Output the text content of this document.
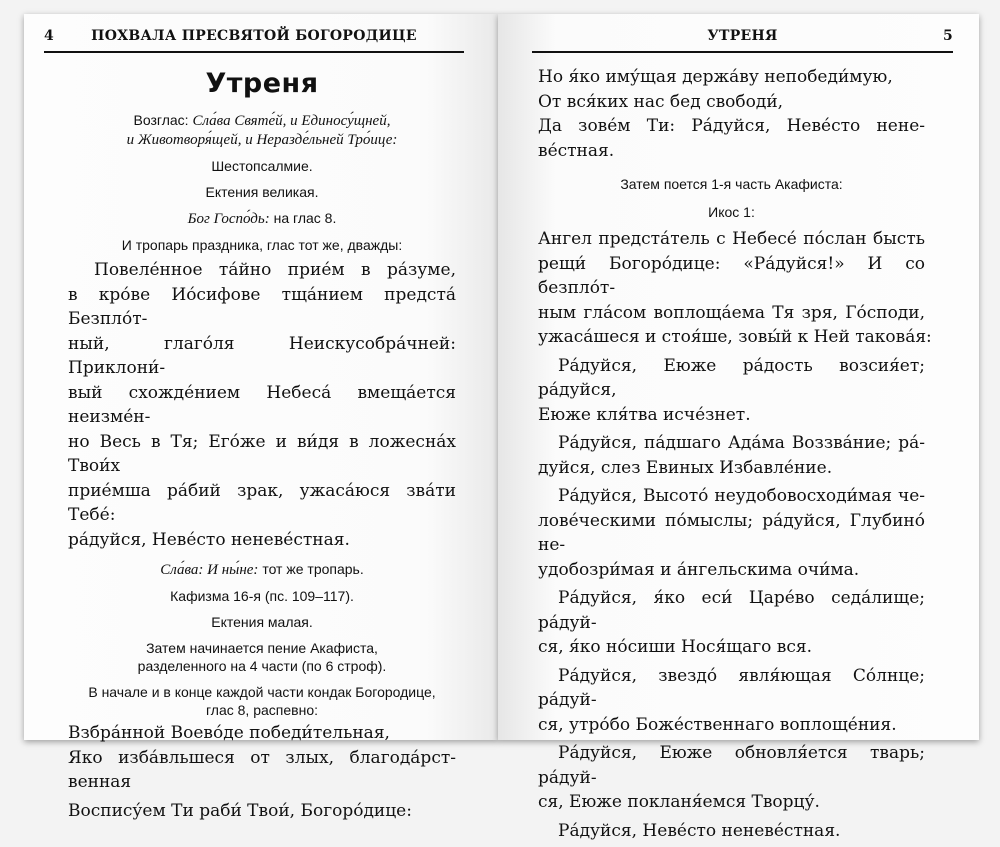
4	ПОХВАЛА ПРЕСВЯТОЙ БОГОРОДИЦЕ
Утреня

Возглас: Сла́ва Святе́й, и Единосу́щней,
и Животворя́щей, и Неразде́льней Тро́ице:

Шестопсалмие.

Ектения великая.

Бог Госпо́дь: на глас 8.

И тропарь праздника, глас тот же, дважды:

Повеле́нное та́йно прие́м в ра́зуме,
в кро́ве Ио́сифове тща́нием предста́ Безпло́т-
ный, глаго́ля Неискусобра́чней: Приклони́-
вый схожде́нием Небеса́ вмеща́ется неизме́н-
но Весь в Тя; Его́же и ви́дя в ложесна́х Твои́х
прие́мша ра́бий зрак, ужаса́юся зва́ти Тебе́:
ра́дуйся, Неве́сто неневе́стная.

Сла́ва: И ны́не: тот же тропарь.

Кафизма 16-я (пс. 109–117).

Ектения малая.

Затем начинается пение Акафиста,
разделенного на 4 части (по 6 строф).

В начале и в конце каждой части кондак Богородице,
глас 8, распевно:

Взбра́нной Воево́де победи́тельная,
Яко изба́вльшеся от злых, благода́рст-
венная
Воспису́ем Ти раби́ Твои́, Богоро́дице:
УТРЕНЯ	5
Но я́ко иму́щая держа́ву непобеди́мую,
От вся́ких нас бед свободи́,
Да зове́м Ти: Ра́дуйся, Неве́сто нене-
ве́стная.

Затем поется 1-я часть Акафиста:

Икос 1:

Ангел предста́тель с Небесе́ по́слан бысть
рещи́ Богоро́дице: «Ра́дуйся!» И со безпло́т-
ным гла́сом воплоща́ема Тя зря, Го́споди,
ужаса́шеся и стоя́ше, зовы́й к Ней такова́я:
Ра́дуйся, Еюже ра́дость возсия́ет; ра́дуйся,
Еюже кля́тва исче́знет.
Ра́дуйся, па́дшаго Ада́ма Воззва́ние; ра́-
дуйся, слез Евиных Избавле́ние.
Ра́дуйся, Высото́ неудобовосходи́мая че-
лове́ческими по́мыслы; ра́дуйся, Глубино́ не-
удобозри́мая и а́нгельскима очи́ма.
Ра́дуйся, я́ко еси́ Царе́во седа́лище; ра́дуй-
ся, я́ко но́сиши Нося́щаго вся.
Ра́дуйся, звездо́ явля́ющая Со́лнце; ра́дуй-
ся, утро́бо Боже́ственнаго воплоще́ния.
Ра́дуйся, Еюже обновля́ется тварь; ра́дуй-
ся, Еюже покланя́емся Творцу́.
Ра́дуйся, Неве́сто неневе́стная.
